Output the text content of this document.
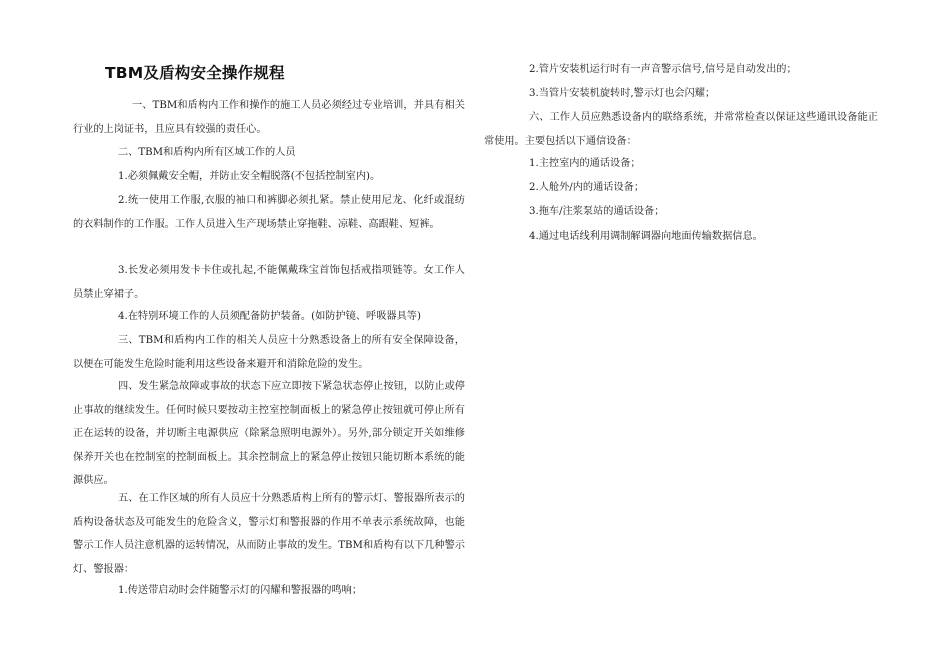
TBM及盾构安全操作规程
一、TBM和盾构内工作和操作的施工人员必须经过专业培训，并具有相关行业的上岗证书，且应具有较强的责任心。
二、TBM和盾构内所有区域工作的人员
1.必须佩戴安全帽，并防止安全帽脱落(不包括控制室内)。
2.统一使用工作服,衣服的袖口和裤脚必须扎紧。禁止使用尼龙、化纤或混纺的衣料制作的工作服。工作人员进入生产现场禁止穿拖鞋、凉鞋、高跟鞋、短裤。
3.长发必须用发卡卡住或扎起,不能佩戴珠宝首饰包括戒指项链等。女工作人员禁止穿裙子。
4.在特别环境工作的人员须配备防护装备。(如防护镜、呼吸器具等)
三、TBM和盾构内工作的相关人员应十分熟悉设备上的所有安全保障设备，以便在可能发生危险时能利用这些设备来避开和消除危险的发生。
四、发生紧急故障或事故的状态下应立即按下紧急状态停止按钮，以防止或停止事故的继续发生。任何时候只要按动主控室控制面板上的紧急停止按钮就可停止所有正在运转的设备，并切断主电源供应（除紧急照明电源外）。另外,部分锁定开关如维修保养开关也在控制室的控制面板上。其余控制盒上的紧急停止按钮只能切断本系统的能源供应。
五、在工作区域的所有人员应十分熟悉盾构上所有的警示灯、警报器所表示的盾构设备状态及可能发生的危险含义，警示灯和警报器的作用不单表示系统故障，也能警示工作人员注意机器的运转情况，从而防止事故的发生。TBM和盾构有以下几种警示灯、警报器：
1.传送带启动时会伴随警示灯的闪耀和警报器的鸣响；
2.管片安装机运行时有一声音警示信号,信号是自动发出的；
3.当管片安装机旋转时,警示灯也会闪耀；
六、工作人员应熟悉设备内的联络系统，并常常检查以保证这些通讯设备能正常使用。主要包括以下通信设备：
1.主控室内的通话设备；
2.人舱外/内的通话设备；
3.拖车/注浆泵站的通话设备；
4.通过电话线利用调制解调器向地面传输数据信息。
